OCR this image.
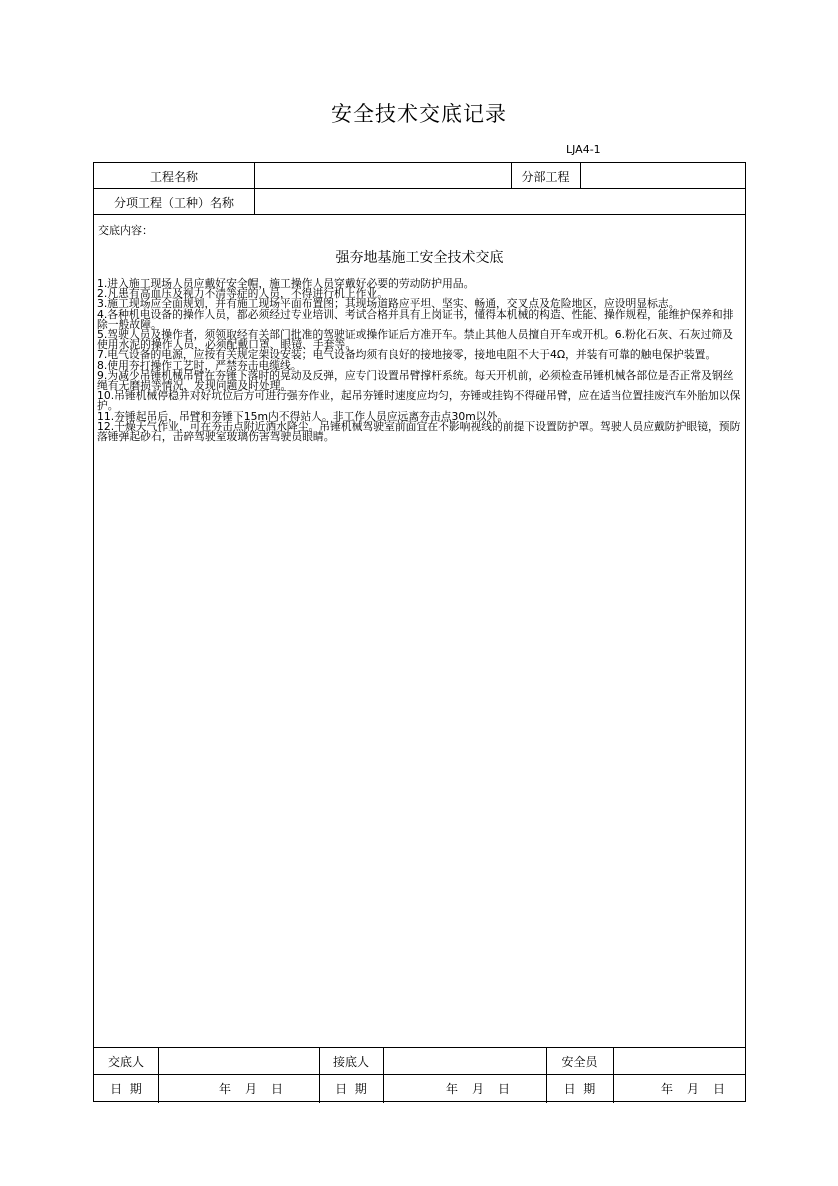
安全技术交底记录
LJA4-1
工程名称	分部工程
分项工程（工种）名称
交底内容：
强夯地基施工安全技术交底
1.进入施工现场人员应戴好安全帽，施工操作人员穿戴好必要的劳动防护用品。
2.凡患有高血压及视力不清等症的人员，不得进行机上作业。
3.施工现场应全面规划，并有施工现场平面布置图；其现场道路应平坦、坚实、畅通，交叉点及危险地区，应设明显标志。
4.各种机电设备的操作人员，都必须经过专业培训、考试合格并具有上岗证书，懂得本机械的构造、性能、操作规程，能维护保养和排除一般故障。
5.驾驶人员及操作者，须领取经有关部门批准的驾驶证或操作证后方准开车。禁止其他人员擅自开车或开机。6.粉化石灰、石灰过筛及使用水泥的操作人员，必须配戴口罩、眼镜、手套等。
7.电气设备的电源，应按有关规定架设安装；电气设备均须有良好的接地接零，接地电阻不大于4Ω，并装有可靠的触电保护装置。
8.使用夯打操作工艺时，严禁夯击电缆线。
9.为减少吊锤机械吊臂在夯锤下落时的晃动及反弹，应专门设置吊臂撑杆系统。每天开机前，必须检查吊锤机械各部位是否正常及钢丝绳有无磨损等情况，发现问题及时处理。
10.吊锤机械停稳并对好坑位后方可进行强夯作业，起吊夯锤时速度应均匀，夯锤或挂钩不得碰吊臂，应在适当位置挂废汽车外胎加以保护。
11.夯锤起吊后，吊臂和夯锤下15m内不得站人。非工作人员应远离夯击点30m以外。
12.干燥天气作业，可在夯击点附近洒水降尘。吊锤机械驾驶室前面宜在不影响视线的前提下设置防护罩。驾驶人员应戴防护眼镜，预防落锤弹起砂石，击碎驾驶室玻璃伤害驾驶员眼睛。
交底人	接底人	安全员
日  期	年 月 日	日  期	年 月 日	日  期	年 月 日
